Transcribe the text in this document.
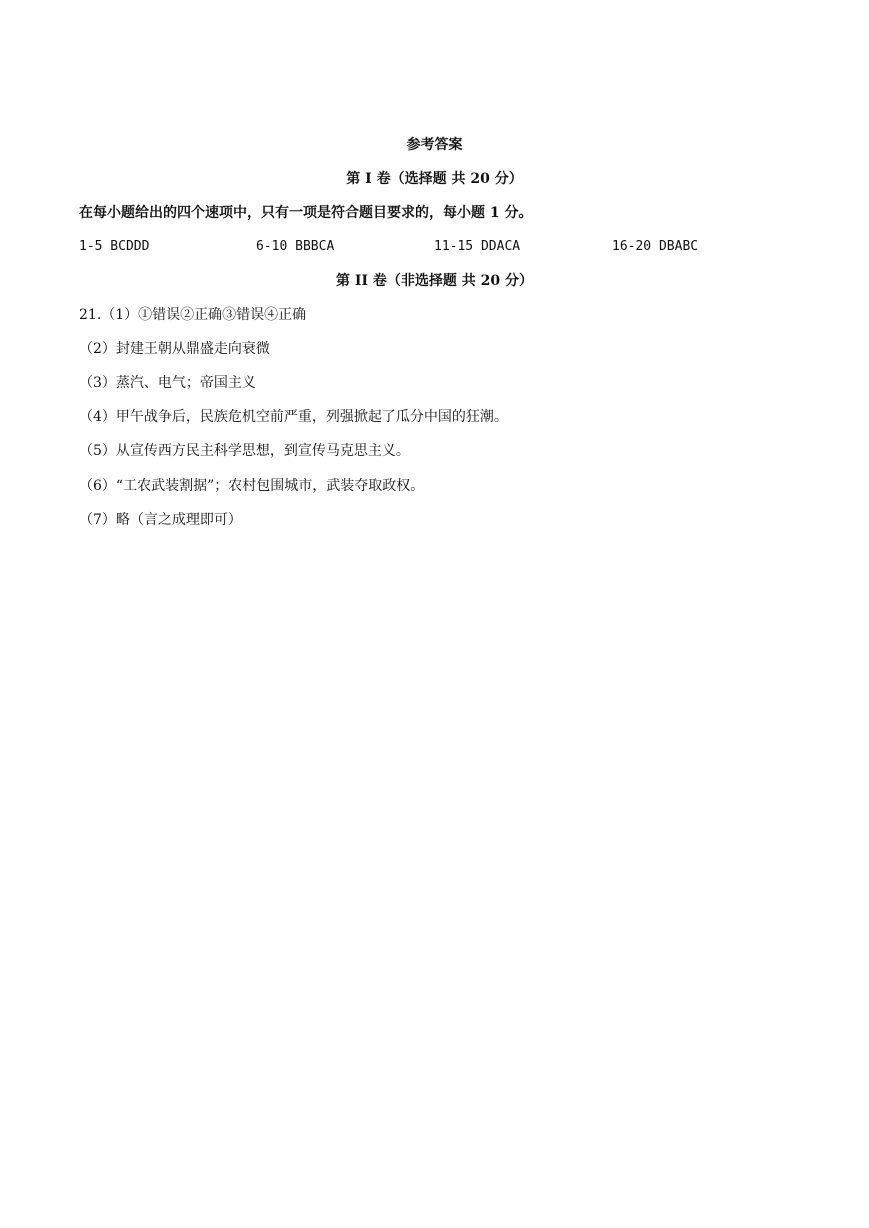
参考答案
第 I 卷（选择题 共 20 分）
在每小题给出的四个速项中，只有一项是符合题目要求的，每小题 1 分。
1-5 BCDDD	6-10 BBBCA	11-15 DDACA	16-20 DBABC
第 II 卷（非选择题 共 20 分）
21.（1）①错误②正确③错误④正确
（2）封建王朝从鼎盛走向衰微
（3）蒸汽、电气；帝国主义
（4）甲午战争后，民族危机空前严重，列强掀起了瓜分中国的狂潮。
（5）从宣传西方民主科学思想，到宣传马克思主义。
（6）“工农武装割据”；农村包围城市，武装夺取政权。
（7）略（言之成理即可）
